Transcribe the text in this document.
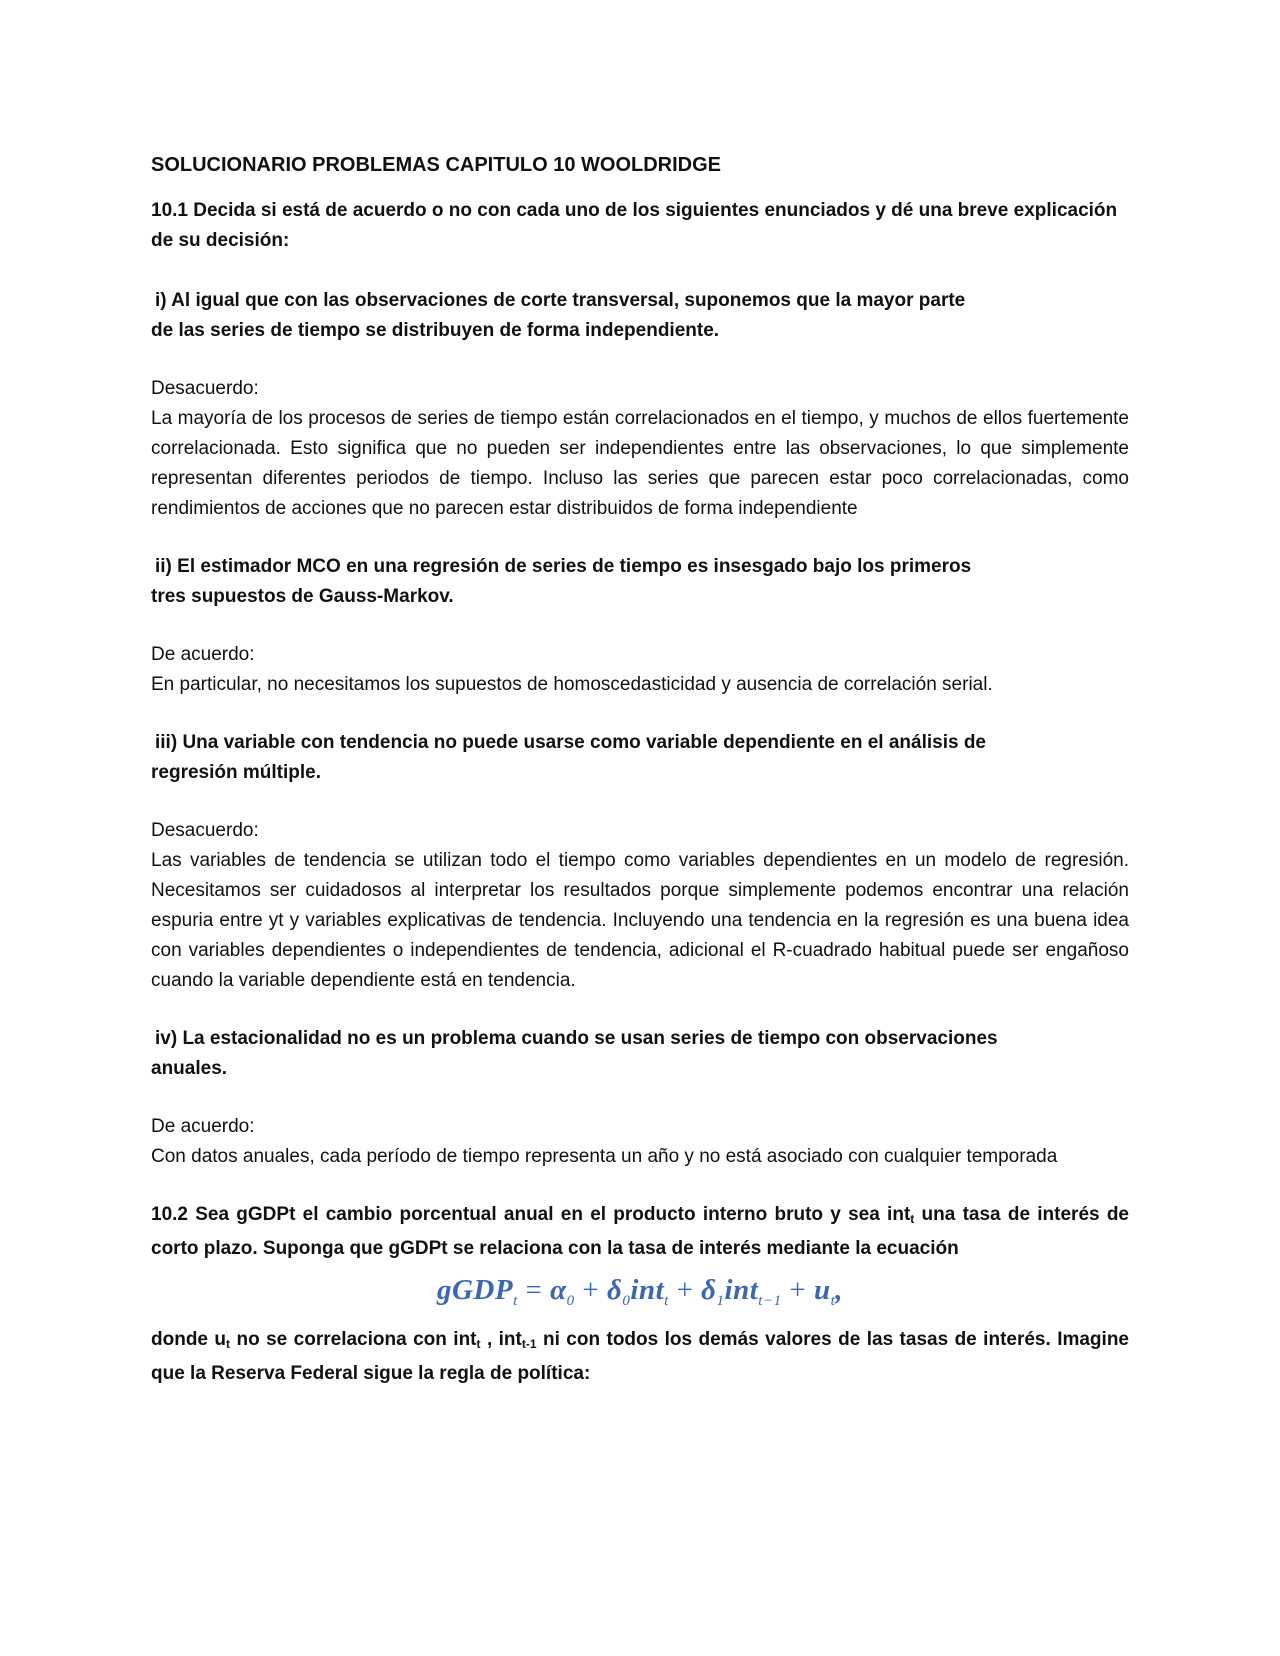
SOLUCIONARIO PROBLEMAS CAPITULO 10 WOOLDRIDGE

10.1 Decida si está de acuerdo o no con cada uno de los siguientes enunciados y dé una breve explicación de su decisión:

i) Al igual que con las observaciones de corte transversal, suponemos que la mayor parte
de las series de tiempo se distribuyen de forma independiente.

Desacuerdo:

La mayoría de los procesos de series de tiempo están correlacionados en el tiempo, y muchos de ellos fuertemente correlacionada. Esto significa que no pueden ser independientes entre las observaciones, lo que simplemente representan diferentes periodos de tiempo. Incluso las series que parecen estar poco correlacionadas, como rendimientos de acciones que no parecen estar distribuidos de forma independiente

ii) El estimador MCO en una regresión de series de tiempo es insesgado bajo los primeros
tres supuestos de Gauss-Markov.

De acuerdo:

En particular, no necesitamos los supuestos de homoscedasticidad y ausencia de correlación serial.

iii) Una variable con tendencia no puede usarse como variable dependiente en el análisis de
regresión múltiple.

Desacuerdo:

Las variables de tendencia se utilizan todo el tiempo como variables dependientes en un modelo de regresión. Necesitamos ser cuidadosos al interpretar los resultados porque simplemente podemos encontrar una relación espuria entre yt y variables explicativas de tendencia. Incluyendo una tendencia en la regresión es una buena idea con variables dependientes o independientes de tendencia, adicional el R-cuadrado habitual puede ser engañoso cuando la variable dependiente está en tendencia.

iv) La estacionalidad no es un problema cuando se usan series de tiempo con observaciones
anuales.

De acuerdo:

Con datos anuales, cada período de tiempo representa un año y no está asociado con cualquier temporada

10.2 Sea gGDPt el cambio porcentual anual en el producto interno bruto y sea int$_t$ una tasa de interés de corto plazo. Suponga que gGDPt se relaciona con la tasa de interés mediante la ecuación

gGDP$_t$ = $\alpha_0 + \delta_0int_t + \delta_1int_{t-1} + u_t$,

donde $u_t$ no se correlaciona con int$_t$ , int$_{t-1}$ ni con todos los demás valores de las tasas de interés. Imagine que la Reserva Federal sigue la regla de política:
